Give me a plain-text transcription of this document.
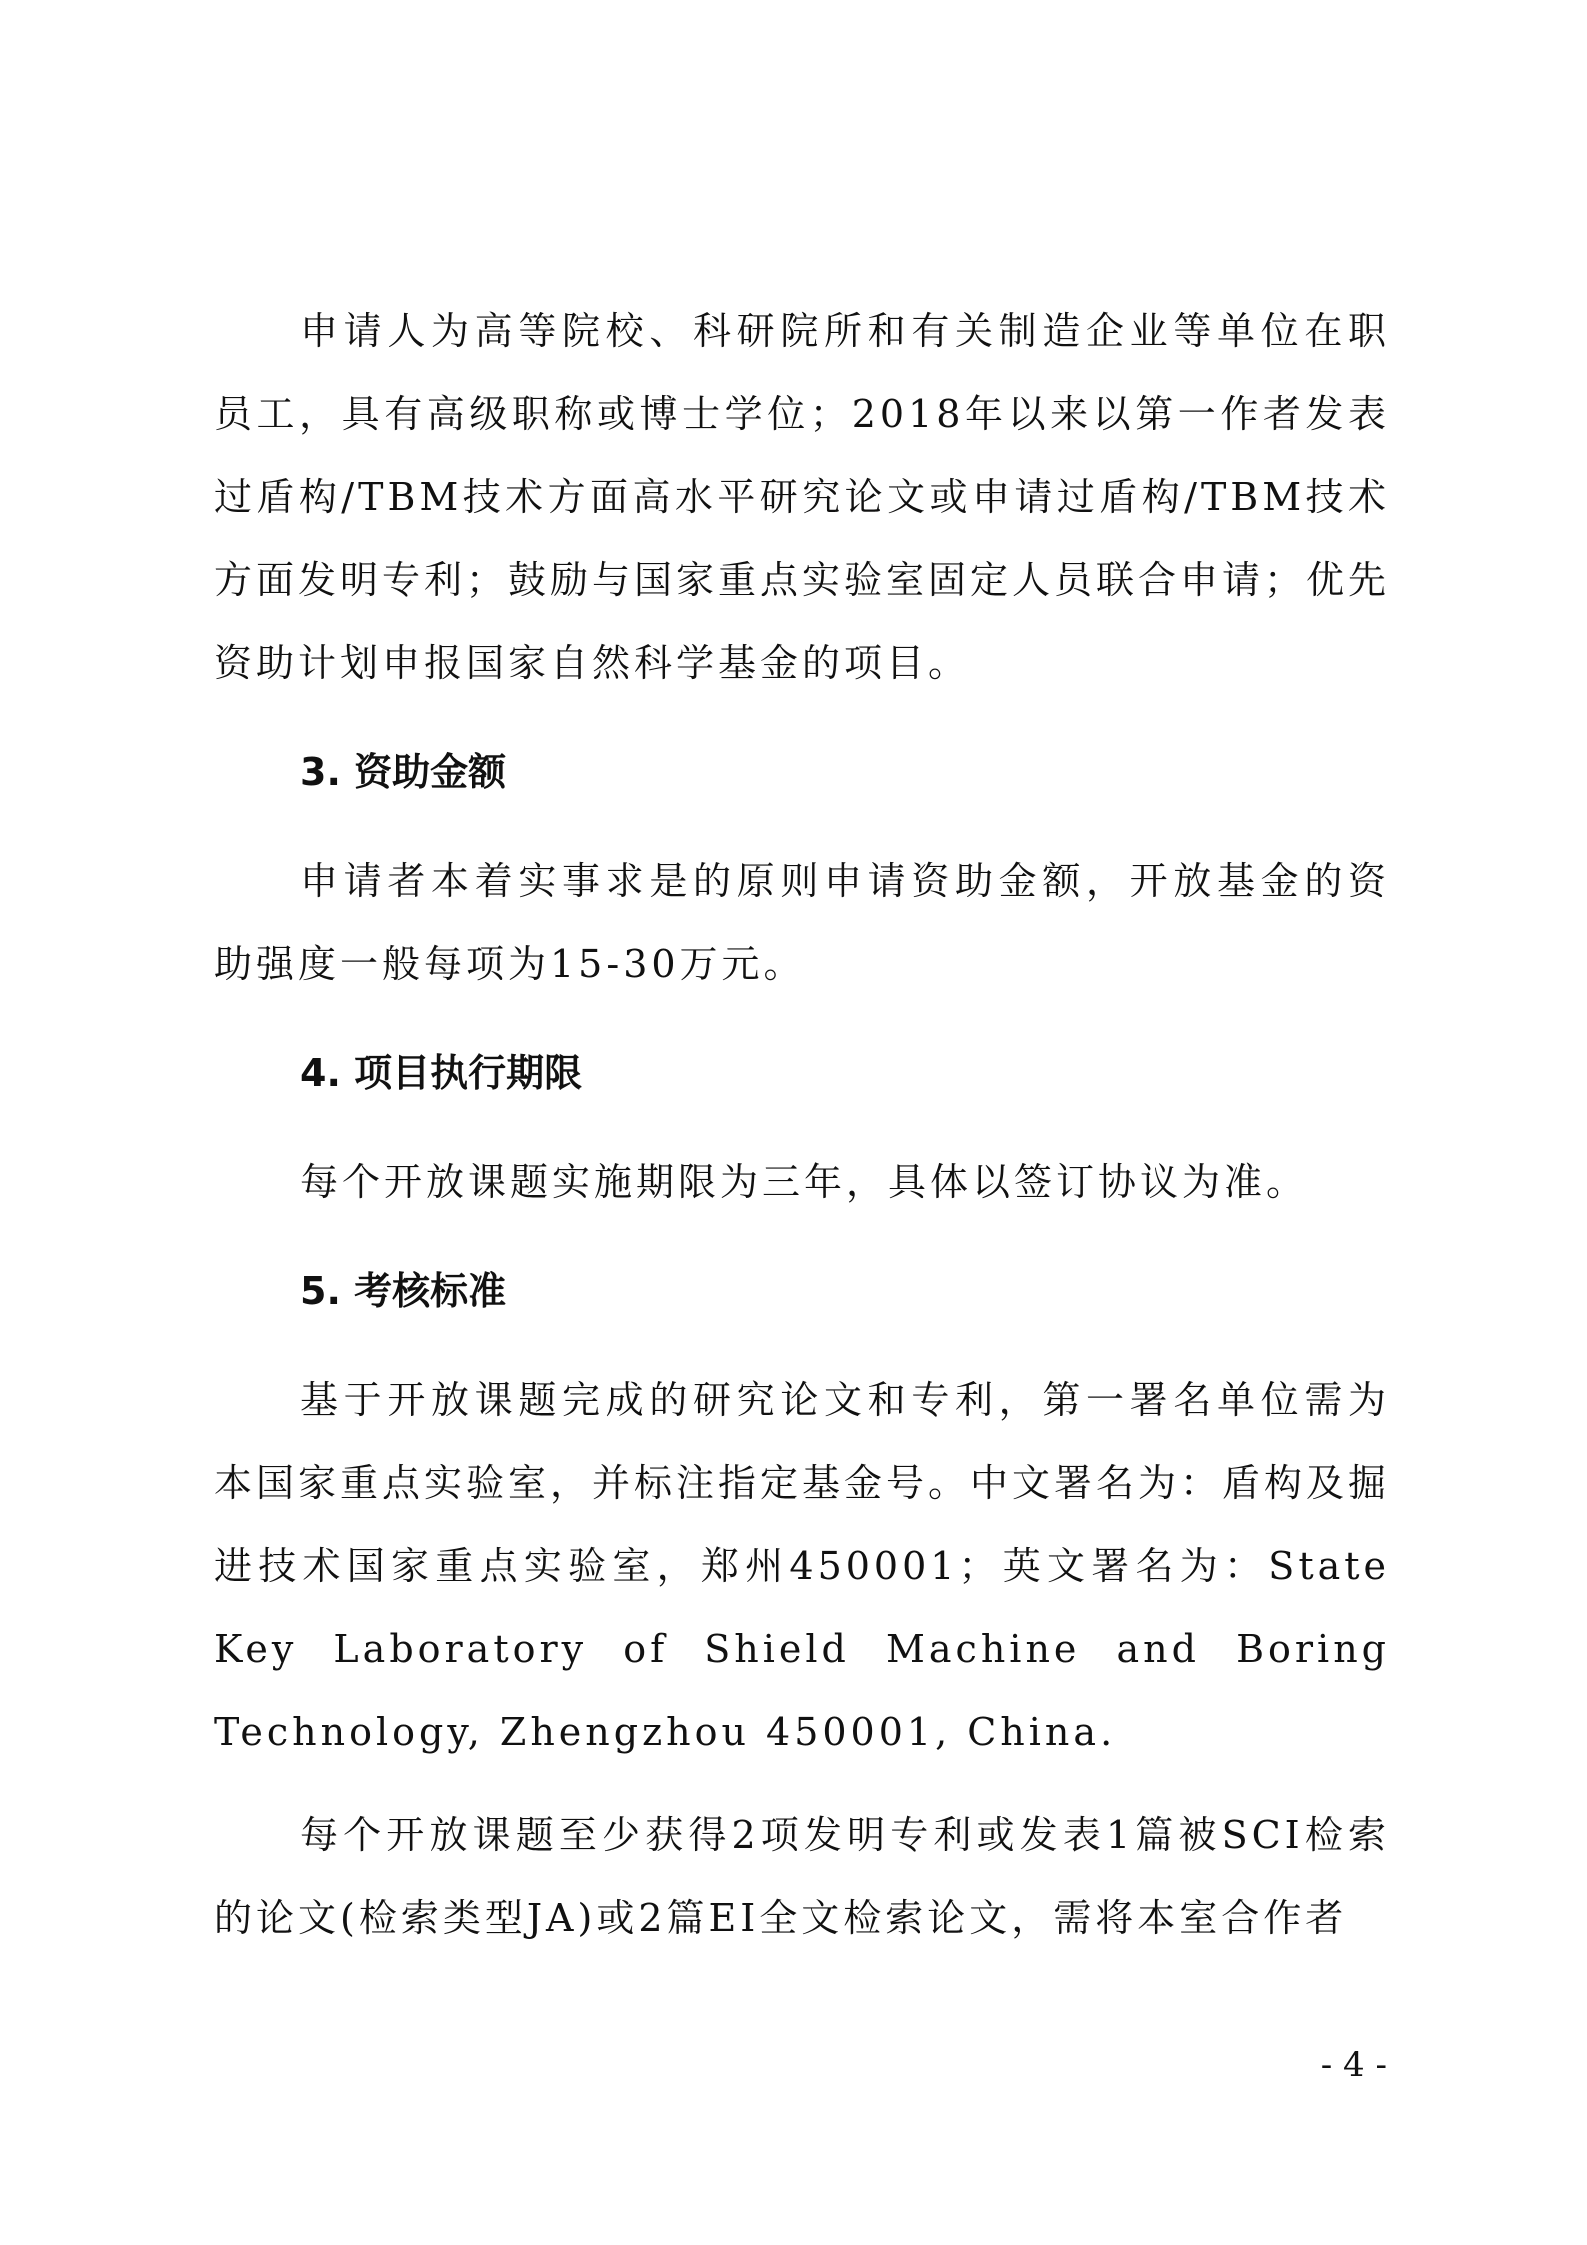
申请人为高等院校、科研院所和有关制造企业等单位在职员工，具有高级职称或博士学位；2018年以来以第一作者发表过盾构/TBM技术方面高水平研究论文或申请过盾构/TBM技术方面发明专利；鼓励与国家重点实验室固定人员联合申请；优先资助计划申报国家自然科学基金的项目。

3. 资助金额

申请者本着实事求是的原则申请资助金额，开放基金的资助强度一般每项为15-30万元。

4. 项目执行期限

每个开放课题实施期限为三年，具体以签订协议为准。

5. 考核标准

基于开放课题完成的研究论文和专利，第一署名单位需为本国家重点实验室，并标注指定基金号。中文署名为：盾构及掘进技术国家重点实验室，郑州450001；英文署名为：State Key Laboratory of Shield Machine and Boring Technology, Zhengzhou 450001, China.

每个开放课题至少获得2项发明专利或发表1篇被SCI检索的论文(检索类型JA)或2篇EI全文检索论文，需将本室合作者

- 4 -
